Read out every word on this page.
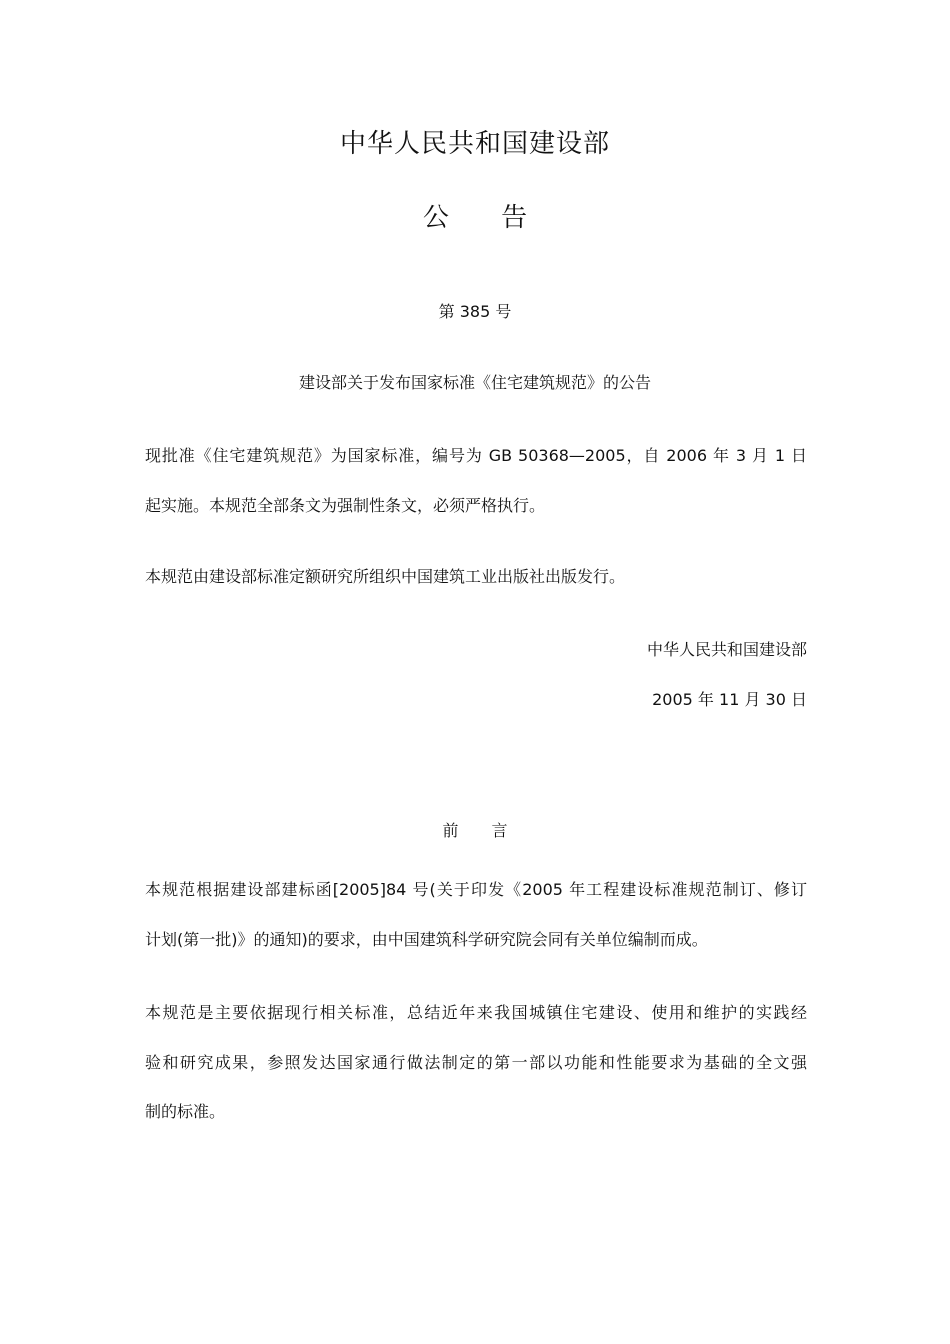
中华人民共和国建设部
公 告
第 385 号
建设部关于发布国家标准《住宅建筑规范》的公告
现批准《住宅建筑规范》为国家标准，编号为 GB 50368—2005，自 2006 年 3 月 1 日
起实施。本规范全部条文为强制性条文，必须严格执行。
本规范由建设部标准定额研究所组织中国建筑工业出版社出版发行。
中华人民共和国建设部
2005 年 11 月 30 日
前 言
本规范根据建设部建标函[2005]84 号(关于印发《2005 年工程建设标准规范制订、修订
计划(第一批)》的通知)的要求，由中国建筑科学研究院会同有关单位编制而成。
本规范是主要依据现行相关标准，总结近年来我国城镇住宅建设、使用和维护的实践经
验和研究成果，参照发达国家通行做法制定的第一部以功能和性能要求为基础的全文强
制的标准。
